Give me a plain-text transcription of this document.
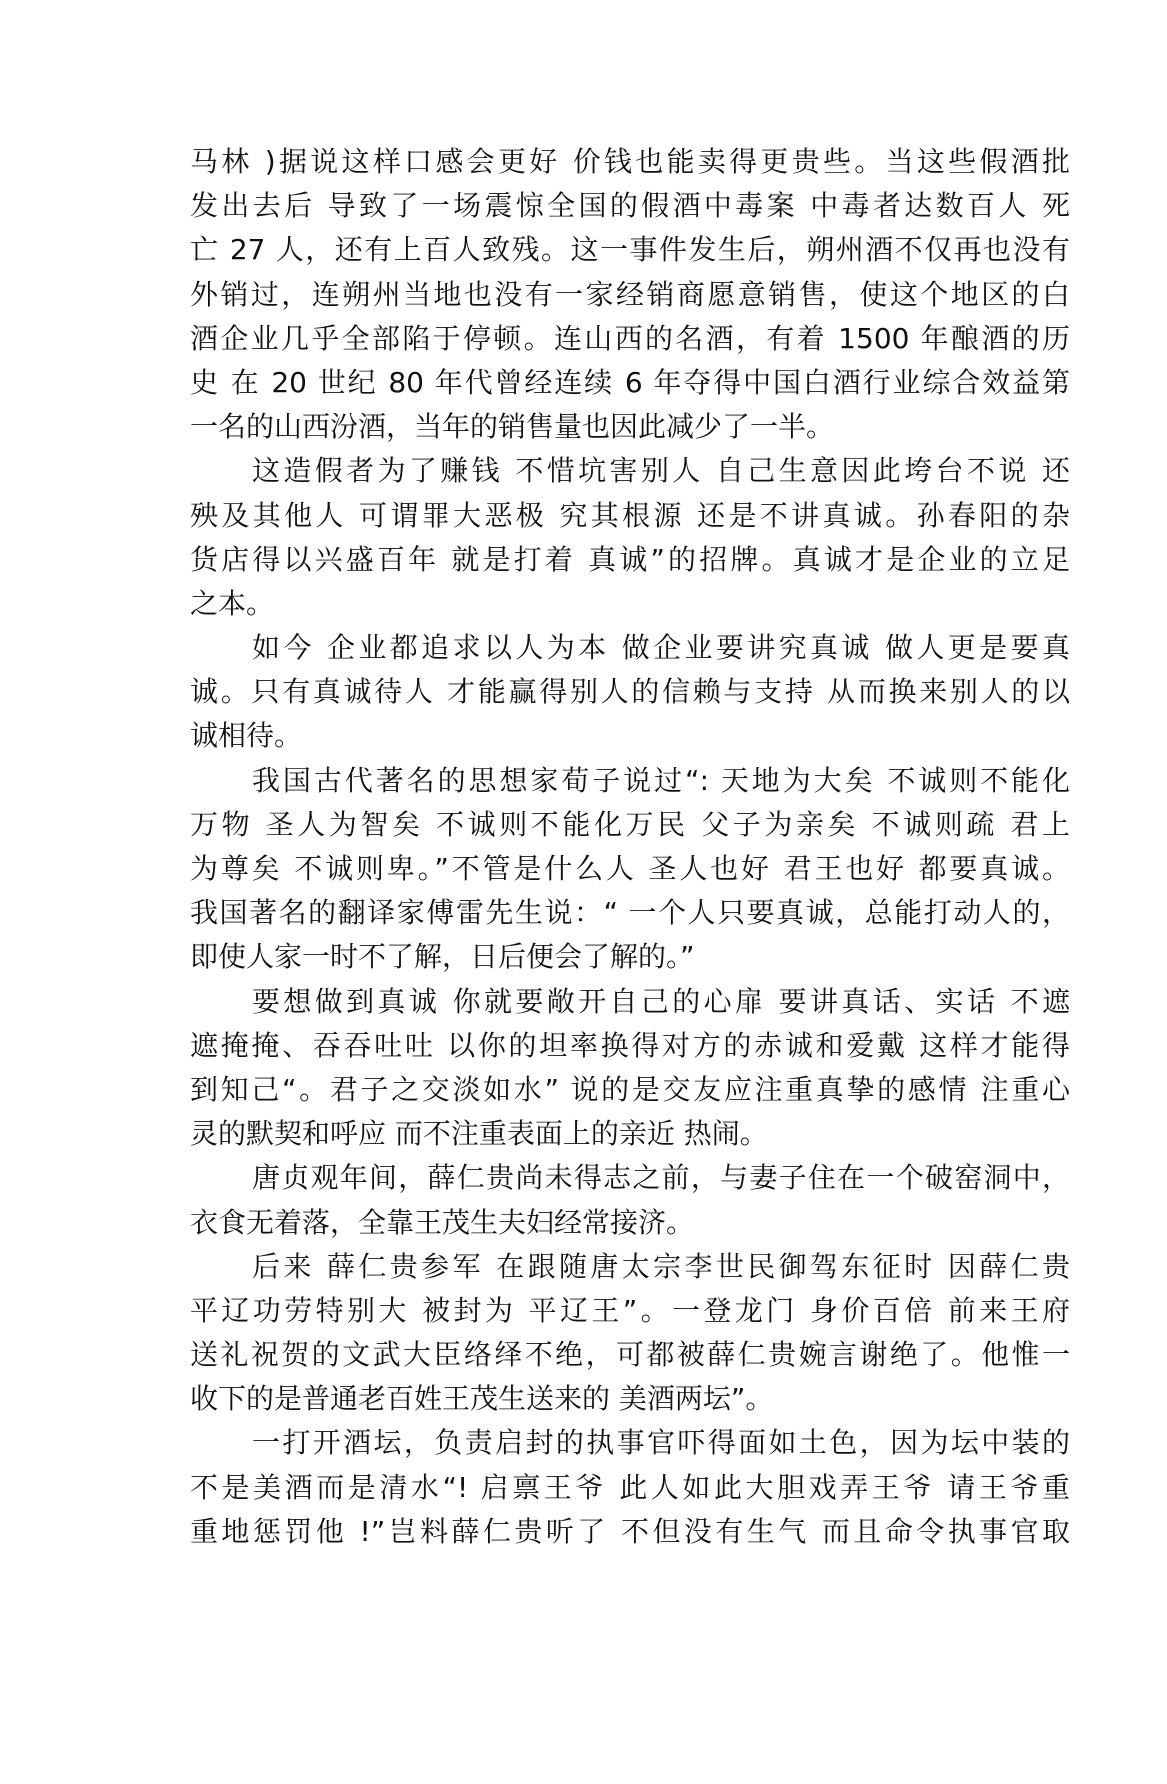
马林 )据说这样口感会更好 价钱也能卖得更贵些。当这些假酒批
发出去后 导致了一场震惊全国的假酒中毒案 中毒者达数百人 死
亡 27 人，还有上百人致残。这一事件发生后，朔州酒不仅再也没有
外销过，连朔州当地也没有一家经销商愿意销售，使这个地区的白
酒企业几乎全部陷于停顿。连山西的名酒，有着 1500 年酿酒的历
史 在 20 世纪 80 年代曾经连续 6 年夺得中国白酒行业综合效益第
一名的山西汾酒，当年的销售量也因此减少了一半。
这造假者为了赚钱 不惜坑害别人 自己生意因此垮台不说 还
殃及其他人 可谓罪大恶极 究其根源 还是不讲真诚。孙春阳的杂
货店得以兴盛百年 就是打着 真诚”的招牌。真诚才是企业的立足
之本。
如今 企业都追求以人为本 做企业要讲究真诚 做人更是要真
诚。只有真诚待人 才能赢得别人的信赖与支持 从而换来别人的以
诚相待。
我国古代著名的思想家荀子说过“: 天地为大矣 不诚则不能化
万物 圣人为智矣 不诚则不能化万民 父子为亲矣 不诚则疏 君上
为尊矣 不诚则卑。”不管是什么人 圣人也好 君王也好 都要真诚。
我国著名的翻译家傅雷先生说：“ 一个人只要真诚，总能打动人的，
即使人家一时不了解，日后便会了解的。”
要想做到真诚 你就要敞开自己的心扉 要讲真话、实话 不遮
遮掩掩、吞吞吐吐 以你的坦率换得对方的赤诚和爱戴 这样才能得
到知己“。君子之交淡如水” 说的是交友应注重真挚的感情 注重心
灵的默契和呼应 而不注重表面上的亲近 热闹。
唐贞观年间，薛仁贵尚未得志之前，与妻子住在一个破窑洞中，
衣食无着落，全靠王茂生夫妇经常接济。
后来 薛仁贵参军 在跟随唐太宗李世民御驾东征时 因薛仁贵
平辽功劳特别大 被封为 平辽王”。一登龙门 身价百倍 前来王府
送礼祝贺的文武大臣络绎不绝，可都被薛仁贵婉言谢绝了。他惟一
收下的是普通老百姓王茂生送来的 美酒两坛”。
一打开酒坛，负责启封的执事官吓得面如土色，因为坛中装的
不是美酒而是清水“! 启禀王爷 此人如此大胆戏弄王爷 请王爷重
重地惩罚他 !”岂料薛仁贵听了 不但没有生气 而且命令执事官取
